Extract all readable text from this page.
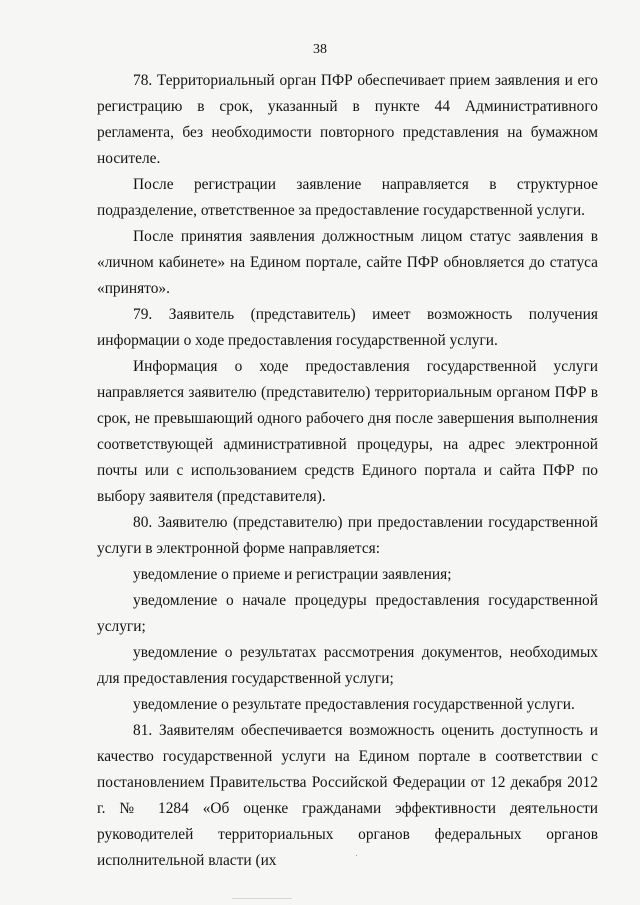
38

78. Территориальный орган ПФР обеспечивает прием заявления и его регистрацию в срок, указанный в пункте 44 Административного регламента, без необходимости повторного представления на бумажном носителе.

После регистрации заявление направляется в структурное подразделение, ответственное за предоставление государственной услуги.

После принятия заявления должностным лицом статус заявления в «личном кабинете» на Едином портале, сайте ПФР обновляется до статуса «принято».

79. Заявитель (представитель) имеет возможность получения информации о ходе предоставления государственной услуги.

Информация о ходе предоставления государственной услуги направляется заявителю (представителю) территориальным органом ПФР в срок, не превышающий одного рабочего дня после завершения выполнения соответствующей административной процедуры, на адрес электронной почты или с использованием средств Единого портала и сайта ПФР по выбору заявителя (представителя).

80. Заявителю (представителю) при предоставлении государственной услуги в электронной форме направляется:

уведомление о приеме и регистрации заявления;

уведомление о начале процедуры предоставления государственной услуги;

уведомление о результатах рассмотрения документов, необходимых для предоставления государственной услуги;

уведомление о результате предоставления государственной услуги.

81. Заявителям обеспечивается возможность оценить доступность и качество государственной услуги на Едином портале в соответствии с постановлением Правительства Российской Федерации от 12 декабря 2012 г. № 1284 «Об оценке гражданами эффективности деятельности руководителей территориальных органов федеральных органов исполнительной власти (их
